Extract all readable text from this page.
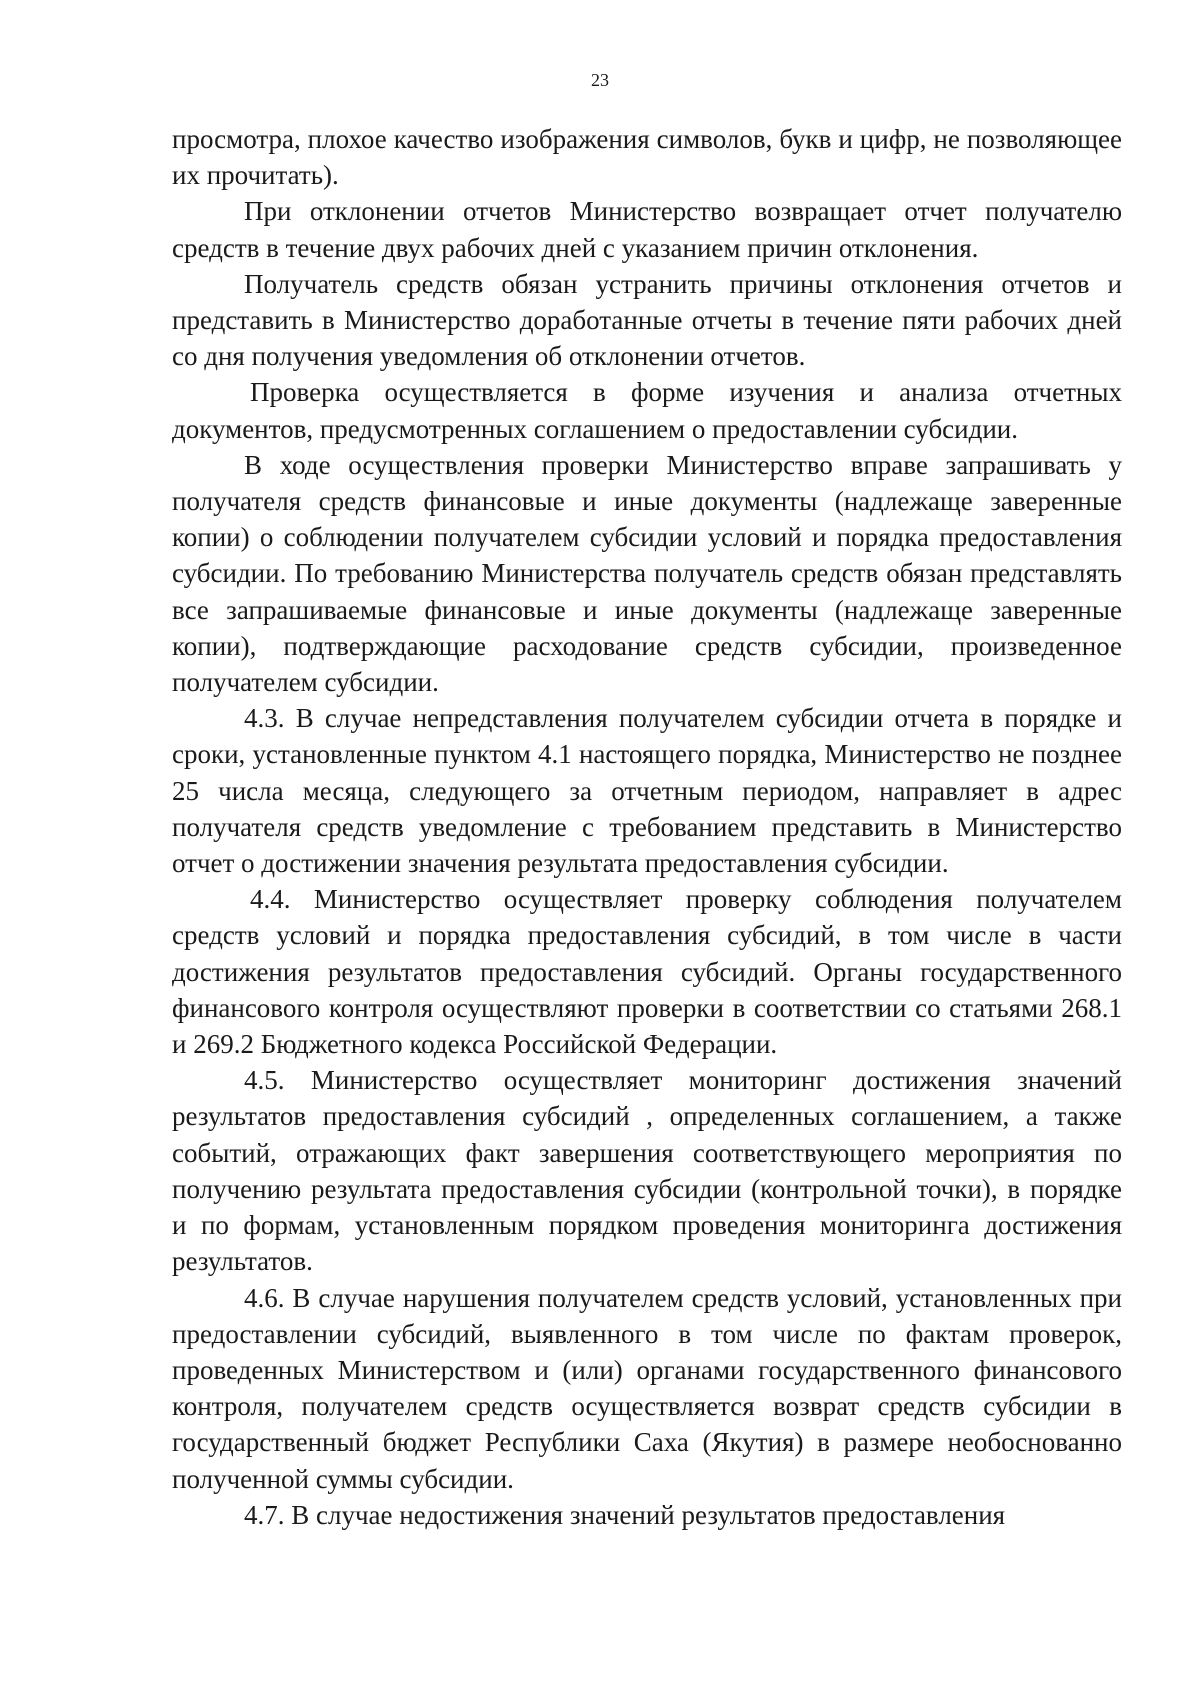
23

просмотра, плохое качество изображения символов, букв и цифр, не позволяющее их прочитать).

При отклонении отчетов Министерство возвращает отчет получателю средств в течение двух рабочих дней с указанием причин отклонения.

Получатель средств обязан устранить причины отклонения отчетов и представить в Министерство доработанные отчеты в течение пяти рабочих дней со дня получения уведомления об отклонении отчетов.

Проверка осуществляется в форме изучения и анализа отчетных документов, предусмотренных соглашением о предоставлении субсидии.

В ходе осуществления проверки Министерство вправе запрашивать у получателя средств финансовые и иные документы (надлежаще заверенные копии) о соблюдении получателем субсидии условий и порядка предоставления субсидии. По требованию Министерства получатель средств обязан представлять все запрашиваемые финансовые и иные документы (надлежаще заверенные копии), подтверждающие расходование средств субсидии, произведенное получателем субсидии.

4.3. В случае непредставления получателем субсидии отчета в порядке и сроки, установленные пунктом 4.1 настоящего порядка, Министерство не позднее 25 числа месяца, следующего за отчетным периодом, направляет в адрес получателя средств уведомление с требованием представить в Министерство отчет о достижении значения результата предоставления субсидии.

4.4. Министерство осуществляет проверку соблюдения получателем средств условий и порядка предоставления субсидий, в том числе в части достижения результатов предоставления субсидий. Органы государственного финансового контроля осуществляют проверки в соответствии со статьями 268.1 и 269.2 Бюджетного кодекса Российской Федерации.

4.5. Министерство осуществляет мониторинг достижения значений результатов предоставления субсидий , определенных соглашением, а также событий, отражающих факт завершения соответствующего мероприятия по получению результата предоставления субсидии (контрольной точки), в порядке и по формам, установленным порядком проведения мониторинга достижения результатов.

4.6. В случае нарушения получателем средств условий, установленных при предоставлении субсидий, выявленного в том числе по фактам проверок, проведенных Министерством и (или) органами государственного финансового контроля, получателем средств осуществляется возврат средств субсидии в государственный бюджет Республики Саха (Якутия) в размере необоснованно полученной суммы субсидии.

4.7. В случае недостижения значений результатов предоставления
